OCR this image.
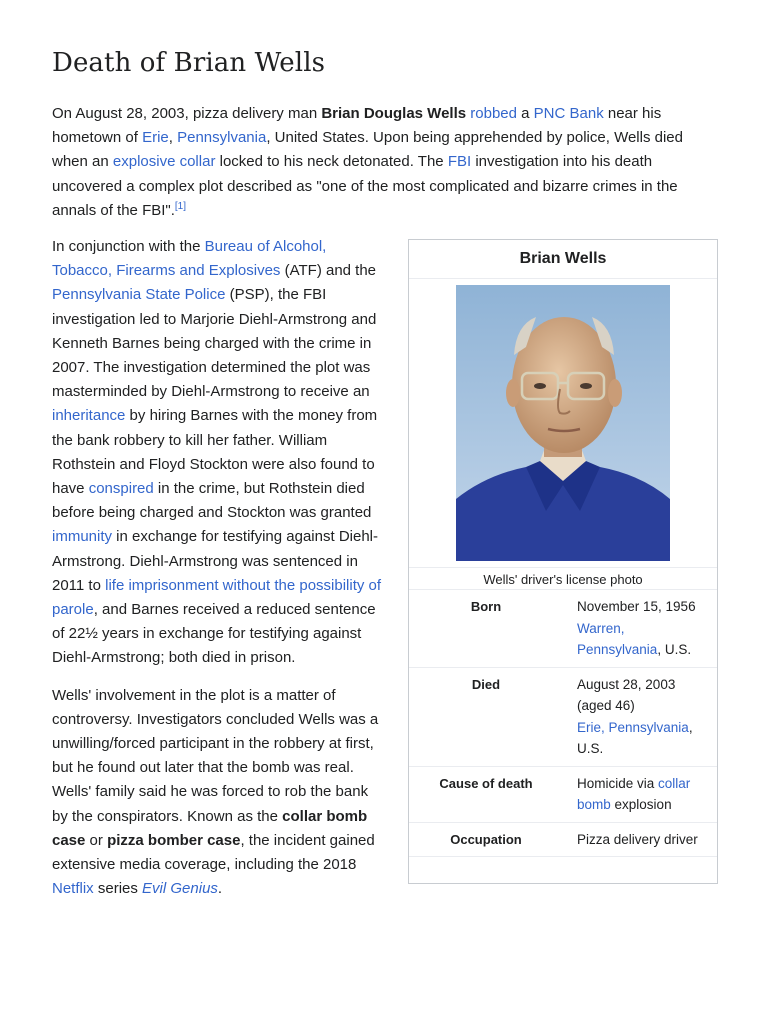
Death of Brian Wells

On August 28, 2003, pizza delivery man Brian Douglas Wells robbed a PNC Bank near his hometown of Erie, Pennsylvania, United States. Upon being apprehended by police, Wells died when an explosive collar locked to his neck detonated. The FBI investigation into his death uncovered a complex plot described as "one of the most complicated and bizarre crimes in the annals of the FBI".[1]

Brian Wells
Wells' driver's license photo
Born	November 15, 1956
Warren, Pennsylvania, U.S.
Died	August 28, 2003
(aged 46)
Erie, Pennsylvania, U.S.
Cause of death	Homicide via collar bomb explosion
Occupation	Pizza delivery driver

In conjunction with the Bureau of Alcohol, Tobacco, Firearms and Explosives (ATF) and the Pennsylvania State Police (PSP), the FBI investigation led to Marjorie Diehl-Armstrong and Kenneth Barnes being charged with the crime in 2007. The investigation determined the plot was masterminded by Diehl-Armstrong to receive an inheritance by hiring Barnes with the money from the bank robbery to kill her father. William Rothstein and Floyd Stockton were also found to have conspired in the crime, but Rothstein died before being charged and Stockton was granted immunity in exchange for testifying against Diehl-Armstrong. Diehl-Armstrong was sentenced in 2011 to life imprisonment without the possibility of parole, and Barnes received a reduced sentence of 22½ years in exchange for testifying against Diehl-Armstrong; both died in prison.

Wells' involvement in the plot is a matter of controversy. Investigators concluded Wells was a unwilling/forced participant in the robbery at first, but he found out later that the bomb was real. Wells' family said he was forced to rob the bank by the conspirators. Known as the collar bomb case or pizza bomber case, the incident gained extensive media coverage, including the 2018 Netflix series Evil Genius.
